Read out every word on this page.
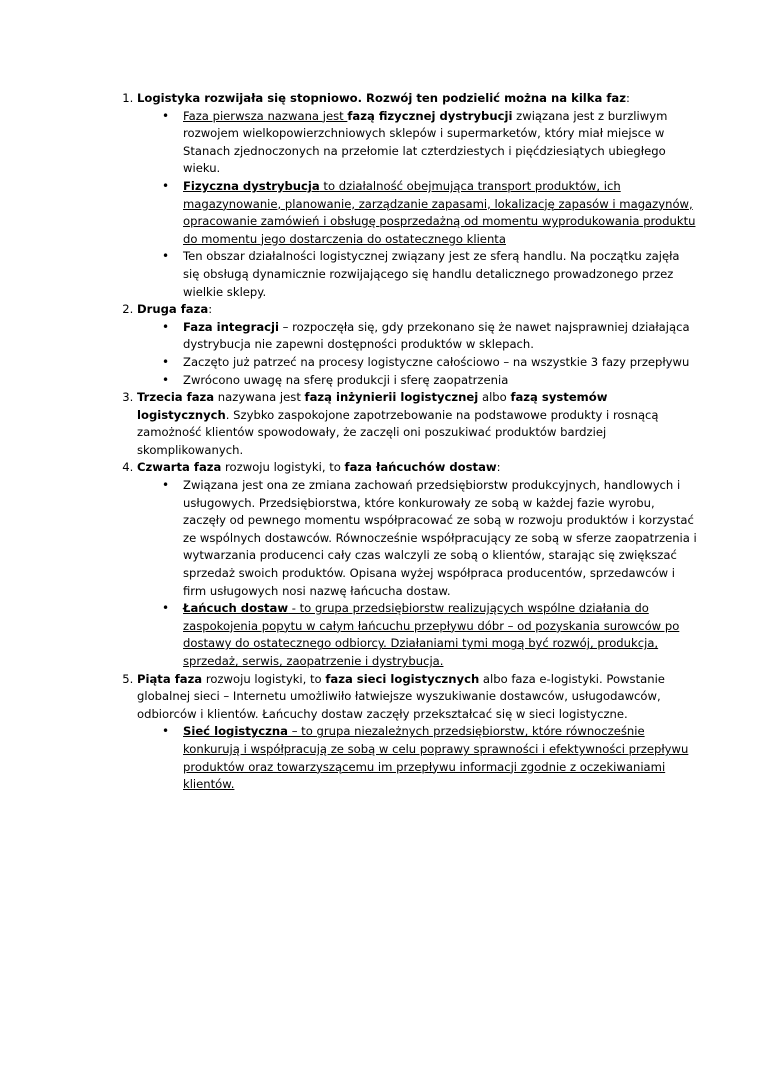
1. Logistyka rozwijała się stopniowo. Rozwój ten podzielić można na kilka faz:
• Faza pierwsza nazwana jest fazą fizycznej dystrybucji związana jest z burzliwym rozwojem wielkopowierzchniowych sklepów i supermarketów, który miał miejsce w Stanach zjednoczonych na przełomie lat czterdziestych i pięćdziesiątych ubiegłego wieku.
• Fizyczna dystrybucja to działalność obejmująca transport produktów, ich magazynowanie, planowanie, zarządzanie zapasami, lokalizację zapasów i magazynów, opracowanie zamówień i obsługę posprzedażną od momentu wyprodukowania produktu do momentu jego dostarczenia do ostatecznego klienta
• Ten obszar działalności logistycznej związany jest ze sferą handlu. Na początku zajęła się obsługą dynamicznie rozwijającego się handlu detalicznego prowadzonego przez wielkie sklepy.
2. Druga faza:
• Faza integracji – rozpoczęła się, gdy przekonano się że nawet najsprawniej działająca dystrybucja nie zapewni dostępności produktów w sklepach.
• Zaczęto już patrzeć na procesy logistyczne całościowo – na wszystkie 3 fazy przepływu
• Zwrócono uwagę na sferę produkcji i sferę zaopatrzenia
3. Trzecia faza nazywana jest fazą inżynierii logistycznej albo fazą systemów logistycznych. Szybko zaspokojone zapotrzebowanie na podstawowe produkty i rosnącą zamożność klientów spowodowały, że zaczęli oni poszukiwać produktów bardziej skomplikowanych.
4. Czwarta faza rozwoju logistyki, to faza łańcuchów dostaw:
• Związana jest ona ze zmiana zachowań przedsiębiorstw produkcyjnych, handlowych i usługowych. Przedsiębiorstwa, które konkurowały ze sobą w każdej fazie wyrobu, zaczęły od pewnego momentu współpracować ze sobą w rozwoju produktów i korzystać ze wspólnych dostawców. Równocześnie współpracujący ze sobą w sferze zaopatrzenia i wytwarzania producenci cały czas walczyli ze sobą o klientów, starając się zwiększać sprzedaż swoich produktów. Opisana wyżej współpraca producentów, sprzedawców i firm usługowych nosi nazwę łańcucha dostaw.
• Łańcuch dostaw - to grupa przedsiębiorstw realizujących wspólne działania do zaspokojenia popytu w całym łańcuchu przepływu dóbr – od pozyskania surowców po dostawy do ostatecznego odbiorcy. Działaniami tymi mogą być rozwój, produkcja, sprzedaż, serwis, zaopatrzenie i dystrybucja.
5. Piąta faza rozwoju logistyki, to faza sieci logistycznych albo faza e-logistyki. Powstanie globalnej sieci – Internetu umożliwiło łatwiejsze wyszukiwanie dostawców, usługodawców, odbiorców i klientów. Łańcuchy dostaw zaczęły przekształcać się w sieci logistyczne.
• Sieć logistyczna – to grupa niezależnych przedsiębiorstw, które równocześnie konkurują i współpracują ze sobą w celu poprawy sprawności i efektywności przepływu produktów oraz towarzyszącemu im przepływu informacji zgodnie z oczekiwaniami klientów.
